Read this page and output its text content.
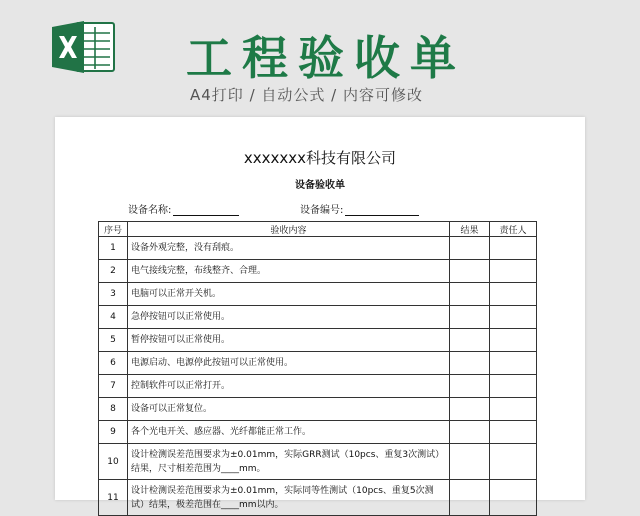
工程验收单
A4打印 / 自动公式 / 内容可修改
xxxxxxx科技有限公司
设备验收单
设备名称:	设备编号:
序号	验收内容	结果	责任人
1	设备外观完整，没有刮痕。		
2	电气接线完整，布线整齐、合理。		
3	电脑可以正常开关机。		
4	急停按钮可以正常使用。		
5	暂停按钮可以正常使用。		
6	电源启动、电源停此按钮可以正常使用。		
7	控制软件可以正常打开。		
8	设备可以正常复位。		
9	各个光电开关、感应器、光纤都能正常工作。		
10	设计检测误差范围要求为±0.01mm，实际GRR测试（10pcs、重复3次测试）结果，尺寸相差范围为____mm。		
11	设计检测误差范围要求为±0.01mm，实际同等性测试（10pcs、重复5次测试）结果，极差范围在____mm以内。		
